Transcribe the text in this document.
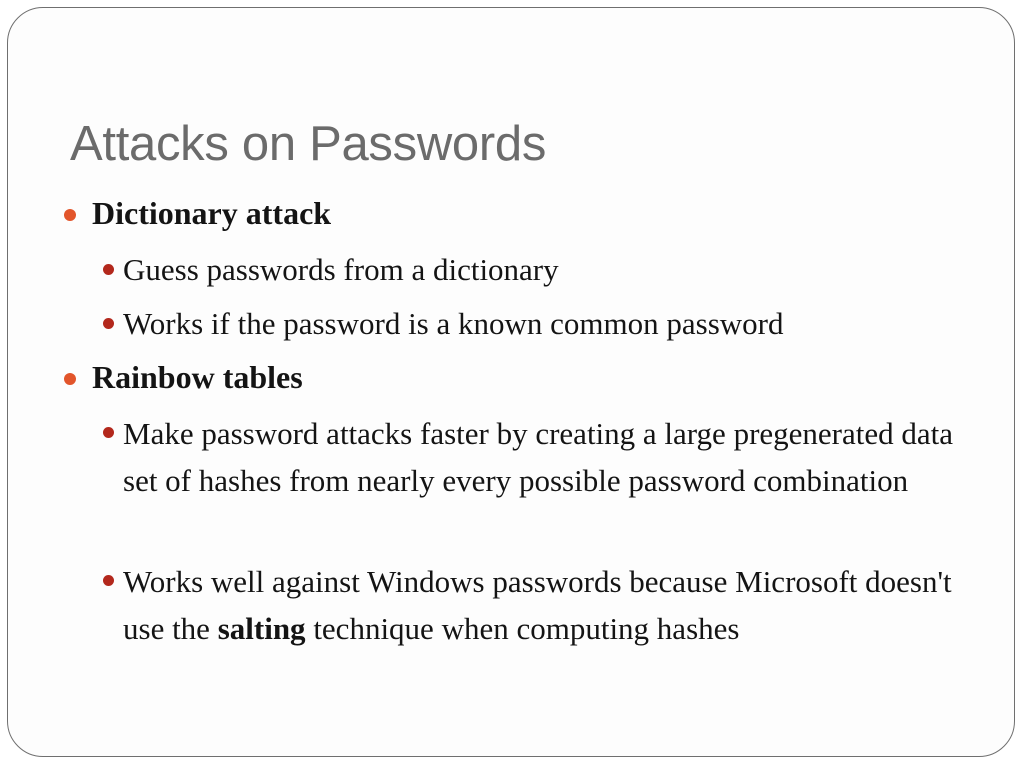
Attacks on Passwords
Dictionary attack
Guess passwords from a dictionary
Works if the password is a known common password
Rainbow tables
Make password attacks faster by creating a large pregenerated data set of hashes from nearly every possible password combination
Works well against Windows passwords because Microsoft doesn't use the salting technique when computing hashes
